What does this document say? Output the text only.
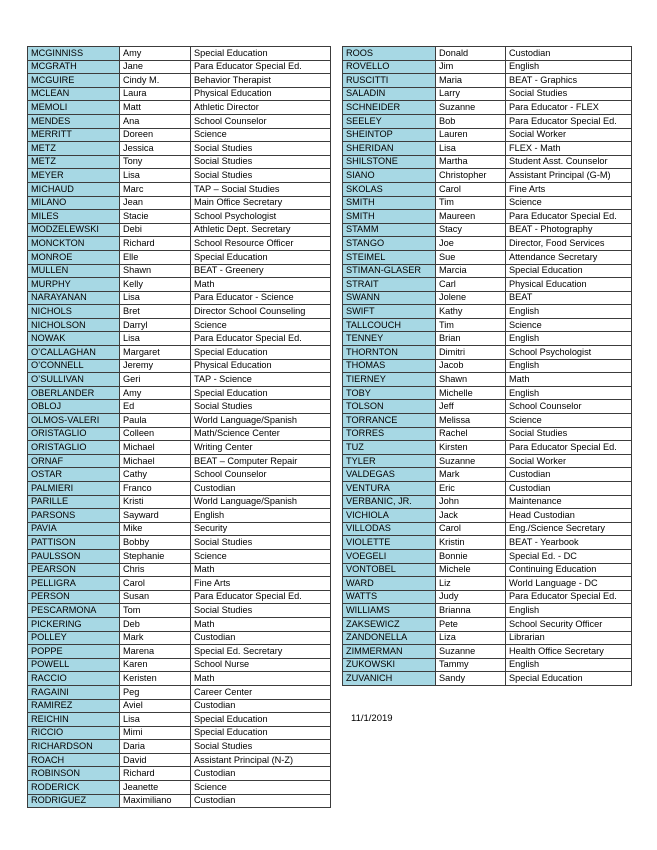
MCGINNISS	Amy	Special Education
MCGRATH	Jane	Para Educator Special Ed.
MCGUIRE	Cindy M.	Behavior Therapist
MCLEAN	Laura	Physical Education
MEMOLI	Matt	Athletic Director
MENDES	Ana	School Counselor
MERRITT	Doreen	Science
METZ	Jessica	Social Studies
METZ	Tony	Social Studies
MEYER	Lisa	Social Studies
MICHAUD	Marc	TAP – Social Studies
MILANO	Jean	Main Office Secretary
MILES	Stacie	School Psychologist
MODZELEWSKI	Debi	Athletic Dept. Secretary
MONCKTON	Richard	School Resource Officer
MONROE	Elle	Special Education
MULLEN	Shawn	BEAT - Greenery
MURPHY	Kelly	Math
NARAYANAN	Lisa	Para Educator - Science
NICHOLS	Bret	Director School Counseling
NICHOLSON	Darryl	Science
NOWAK	Lisa	Para Educator Special Ed.
O’CALLAGHAN	Margaret	Special Education
O’CONNELL	Jeremy	Physical Education
O’SULLIVAN	Geri	TAP - Science
OBERLANDER	Amy	Special Education
OBLOJ	Ed	Social Studies
OLMOS-VALERI	Paula	World Language/Spanish
ORISTAGLIO	Colleen	Math/Science Center
ORISTAGLIO	Michael	Writing Center
ORNAF	Michael	BEAT – Computer Repair
OSTAR	Cathy	School Counselor
PALMIERI	Franco	Custodian
PARILLE	Kristi	World Language/Spanish
PARSONS	Sayward	English
PAVIA	Mike	Security
PATTISON	Bobby	Social Studies
PAULSSON	Stephanie	Science
PEARSON	Chris	Math
PELLIGRA	Carol	Fine Arts
PERSON	Susan	Para Educator Special Ed.
PESCARMONA	Tom	Social Studies
PICKERING	Deb	Math
POLLEY	Mark	Custodian
POPPE	Marena	Special Ed. Secretary
POWELL	Karen	School Nurse
RACCIO	Keristen	Math
RAGAINI	Peg	Career Center
RAMIREZ	Aviel	Custodian
REICHIN	Lisa	Special Education
RICCIO	Mimi	Special Education
RICHARDSON	Daria	Social Studies
ROACH	David	Assistant Principal (N-Z)
ROBINSON	Richard	Custodian
RODERICK	Jeanette	Science
RODRIGUEZ	Maximiliano	Custodian
ROOS	Donald	Custodian
ROVELLO	Jim	English
RUSCITTI	Maria	BEAT - Graphics
SALADIN	Larry	Social Studies
SCHNEIDER	Suzanne	Para Educator - FLEX
SEELEY	Bob	Para Educator Special Ed.
SHEINTOP	Lauren	Social Worker
SHERIDAN	Lisa	FLEX - Math
SHILSTONE	Martha	Student Asst. Counselor
SIANO	Christopher	Assistant Principal (G-M)
SKOLAS	Carol	Fine Arts
SMITH	Tim	Science
SMITH	Maureen	Para Educator Special Ed.
STAMM	Stacy	BEAT - Photography
STANGO	Joe	Director, Food Services
STEIMEL	Sue	Attendance Secretary
STIMAN-GLASER	Marcia	Special Education
STRAIT	Carl	Physical Education
SWANN	Jolene	BEAT
SWIFT	Kathy	English
TALLCOUCH	Tim	Science
TENNEY	Brian	English
THORNTON	Dimitri	School Psychologist
THOMAS	Jacob	English
TIERNEY	Shawn	Math
TOBY	Michelle	English
TOLSON	Jeff	School Counselor
TORRANCE	Melissa	Science
TORRES	Rachel	Social Studies
TUZ	Kirsten	Para Educator Special Ed.
TYLER	Suzanne	Social Worker
VALDEGAS	Mark	Custodian
VENTURA	Eric	Custodian
VERBANIC, JR.	John	Maintenance
VICHIOLA	Jack	Head Custodian
VILLODAS	Carol	Eng./Science Secretary
VIOLETTE	Kristin	BEAT - Yearbook
VOEGELI	Bonnie	Special Ed. - DC
VONTOBEL	Michele	Continuing Education
WARD	Liz	World Language - DC
WATTS	Judy	Para Educator Special Ed.
WILLIAMS	Brianna	English
ZAKSEWICZ	Pete	School Security Officer
ZANDONELLA	Liza	Librarian
ZIMMERMAN	Suzanne	Health Office Secretary
ZUKOWSKI	Tammy	English
ZUVANICH	Sandy	Special Education
11/1/2019
